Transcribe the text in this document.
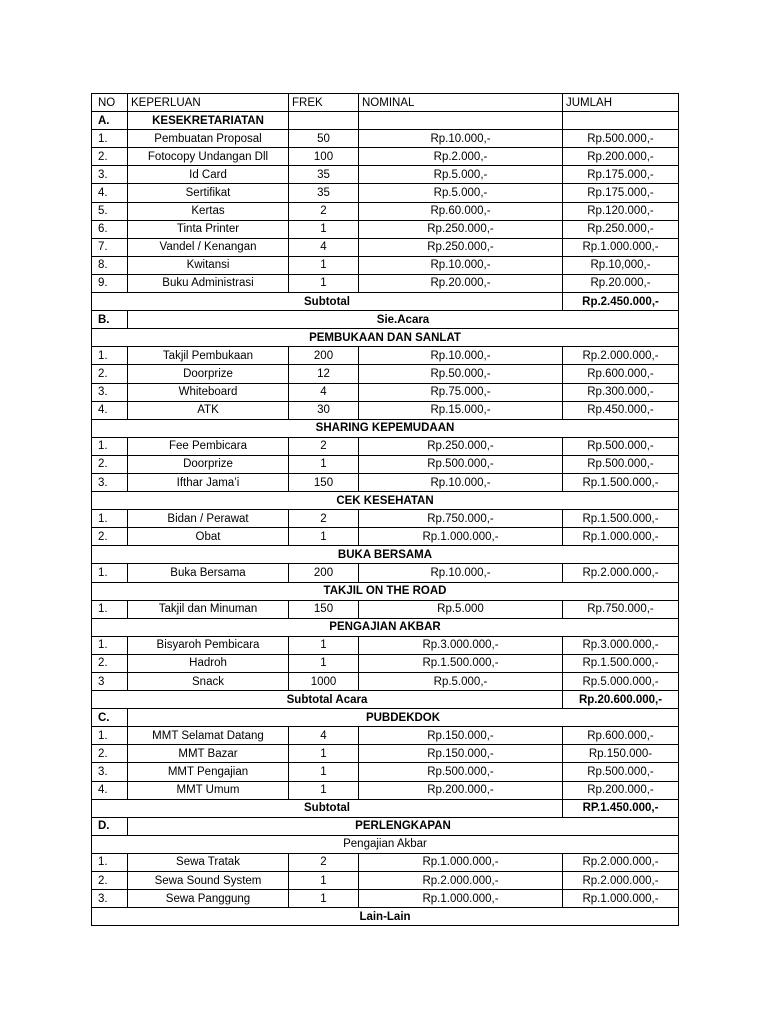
NO	KEPERLUAN	FREK	NOMINAL	JUMLAH
A.	KESEKRETARIATAN			
1.	Pembuatan Proposal	50	Rp.10.000,-	Rp.500.000,-
2.	Fotocopy Undangan Dll	100	Rp.2.000,-	Rp.200.000,-
3.	Id Card	35	Rp.5.000,-	Rp.175.000,-
4.	Sertifikat	35	Rp.5.000,-	Rp.175.000,-
5.	Kertas	2	Rp.60.000,-	Rp.120.000,-
6.	Tinta Printer	1	Rp.250.000,-	Rp.250.000,-
7.	Vandel / Kenangan	4	Rp.250.000,-	Rp.1.000.000,-
8.	Kwitansi	1	Rp.10.000,-	Rp.10,000,-
9.	Buku Administrasi	1	Rp.20.000,-	Rp.20.000,-
Subtotal				Rp.2.450.000,-
B.	Sie.Acara			
PEMBUKAAN DAN SANLAT				
1.	Takjil Pembukaan	200	Rp.10.000,-	Rp.2.000.000,-
2.	Doorprize	12	Rp.50.000,-	Rp.600.000,-
3.	Whiteboard	4	Rp.75.000,-	Rp.300.000,-
4.	ATK	30	Rp.15.000,-	Rp.450.000,-
SHARING KEPEMUDAAN				
1.	Fee Pembicara	2	Rp.250.000,-	Rp.500.000,-
2.	Doorprize	1	Rp.500.000,-	Rp.500.000,-
3.	Ifthar Jama’i	150	Rp.10.000,-	Rp.1.500.000,-
CEK KESEHATAN				
1.	Bidan / Perawat	2	Rp.750.000,-	Rp.1.500.000,-
2.	Obat	1	Rp.1.000.000,-	Rp.1.000.000,-
BUKA BERSAMA				
1.	Buka Bersama	200	Rp.10.000,-	Rp.2.000.000,-
TAKJIL ON THE ROAD				
1.	Takjil dan Minuman	150	Rp.5.000	Rp.750.000,-
PENGAJIAN AKBAR				
1.	Bisyaroh Pembicara	1	Rp.3.000.000,-	Rp.3.000.000,-
2.	Hadroh	1	Rp.1.500.000,-	Rp.1.500.000,-
3	Snack	1000	Rp.5.000,-	Rp.5.000.000,-
Subtotal Acara				Rp.20.600.000,-
C.	PUBDEKDOK			
1.	MMT Selamat Datang	4	Rp.150.000,-	Rp.600.000,-
2.	MMT Bazar	1	Rp.150.000,-	Rp.150.000-
3.	MMT Pengajian	1	Rp.500.000,-	Rp.500.000,-
4.	MMT Umum	1	Rp.200.000,-	Rp.200.000,-
Subtotal				RP.1.450.000,-
D.	PERLENGKAPAN			
Pengajian Akbar				
1.	Sewa Tratak	2	Rp.1.000.000,-	Rp.2.000.000,-
2.	Sewa Sound System	1	Rp.2.000.000,-	Rp.2.000.000,-
3.	Sewa Panggung	1	Rp.1.000.000,-	Rp.1.000.000,-
Lain-Lain				
